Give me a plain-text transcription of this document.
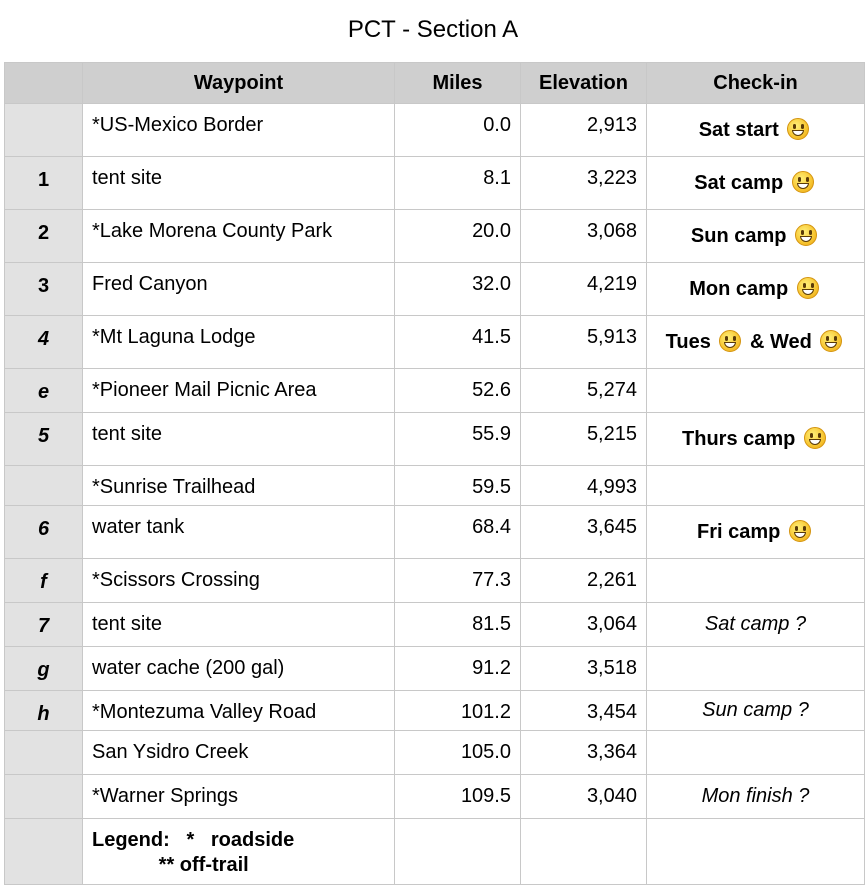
PCT - Section A
	Waypoint	Miles	Elevation	Check-in
	*US-Mexico Border	0.0	2,913	Sat start
1	tent site	8.1	3,223	Sat camp
2	*Lake Morena County Park	20.0	3,068	Sun camp
3	Fred Canyon	32.0	4,219	Mon camp
4	*Mt Laguna Lodge	41.5	5,913	Tues & Wed
e	*Pioneer Mail Picnic Area	52.6	5,274	
5	tent site	55.9	5,215	Thurs camp
	*Sunrise Trailhead	59.5	4,993	
6	water tank	68.4	3,645	Fri camp
f	*Scissors Crossing	77.3	2,261	
7	tent site	81.5	3,064	Sat camp ?
g	water cache (200 gal)	91.2	3,518	
h	*Montezuma Valley Road	101.2	3,454	Sun camp ?
	San Ysidro Creek	105.0	3,364	
	*Warner Springs	109.5	3,040	Mon finish ?

	Legend:   *   roadside
** off-trail			
